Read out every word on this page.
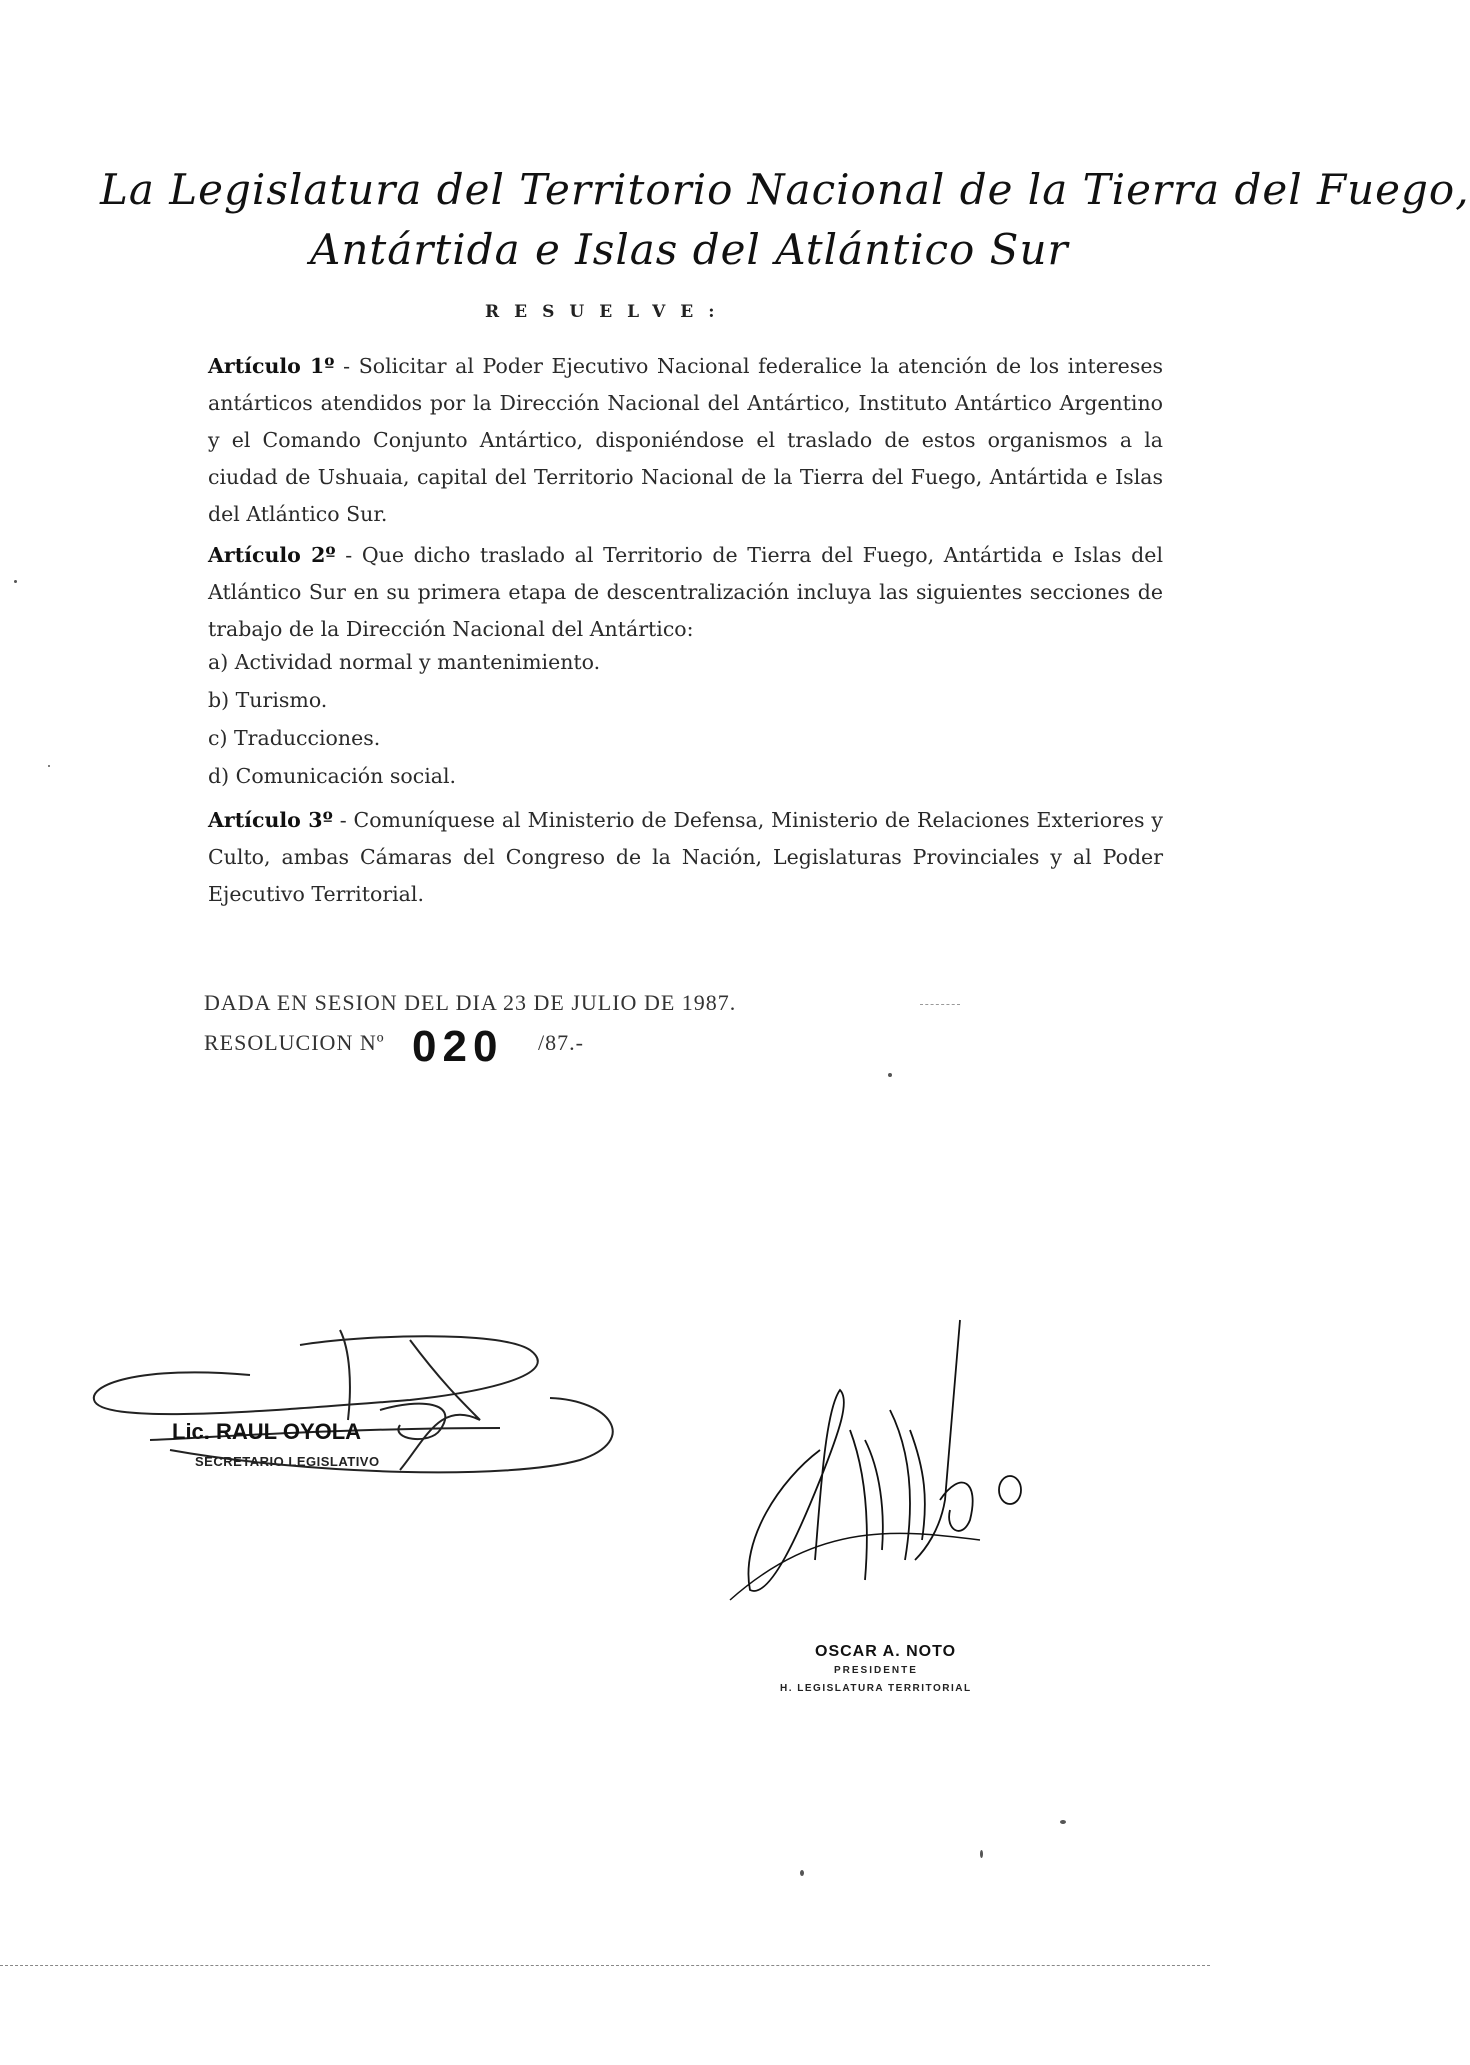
La Legislatura del Territorio Nacional de la Tierra del Fuego,
Antártida e Islas del Atlántico Sur
RESUELVE:

Artículo 1º - Solicitar al Poder Ejecutivo Nacional federalice la atención de los intereses antárticos atendidos por la Dirección Nacional del Antártico, Instituto Antártico Argentino y el Comando Conjunto Antártico, disponiéndose el traslado de estos organismos a la ciudad de Ushuaia, capital del Territorio Nacional de la Tierra del Fuego, Antártida e Islas del Atlántico Sur.

Artículo 2º - Que dicho traslado al Territorio de Tierra del Fuego, Antártida e Islas del Atlántico Sur en su primera etapa de descentralización incluya las siguientes secciones de trabajo de la Dirección Nacional del Antártico:

a) Actividad normal y mantenimiento.
b) Turismo.
c) Traducciones.
d) Comunicación social.

Artículo 3º - Comuníquese al Ministerio de Defensa, Ministerio de Relaciones Exteriores y Culto, ambas Cámaras del Congreso de la Nación, Legislaturas Provinciales y al Poder Ejecutivo Territorial.

DADA EN SESION DEL DIA 23 DE JULIO DE 1987.
RESOLUCION Nº 020 /87.-
Lic. RAUL OYOLA
SECRETARIO LEGISLATIVO
OSCAR A. NOTO
PRESIDENTE
H. LEGISLATURA TERRITORIAL
